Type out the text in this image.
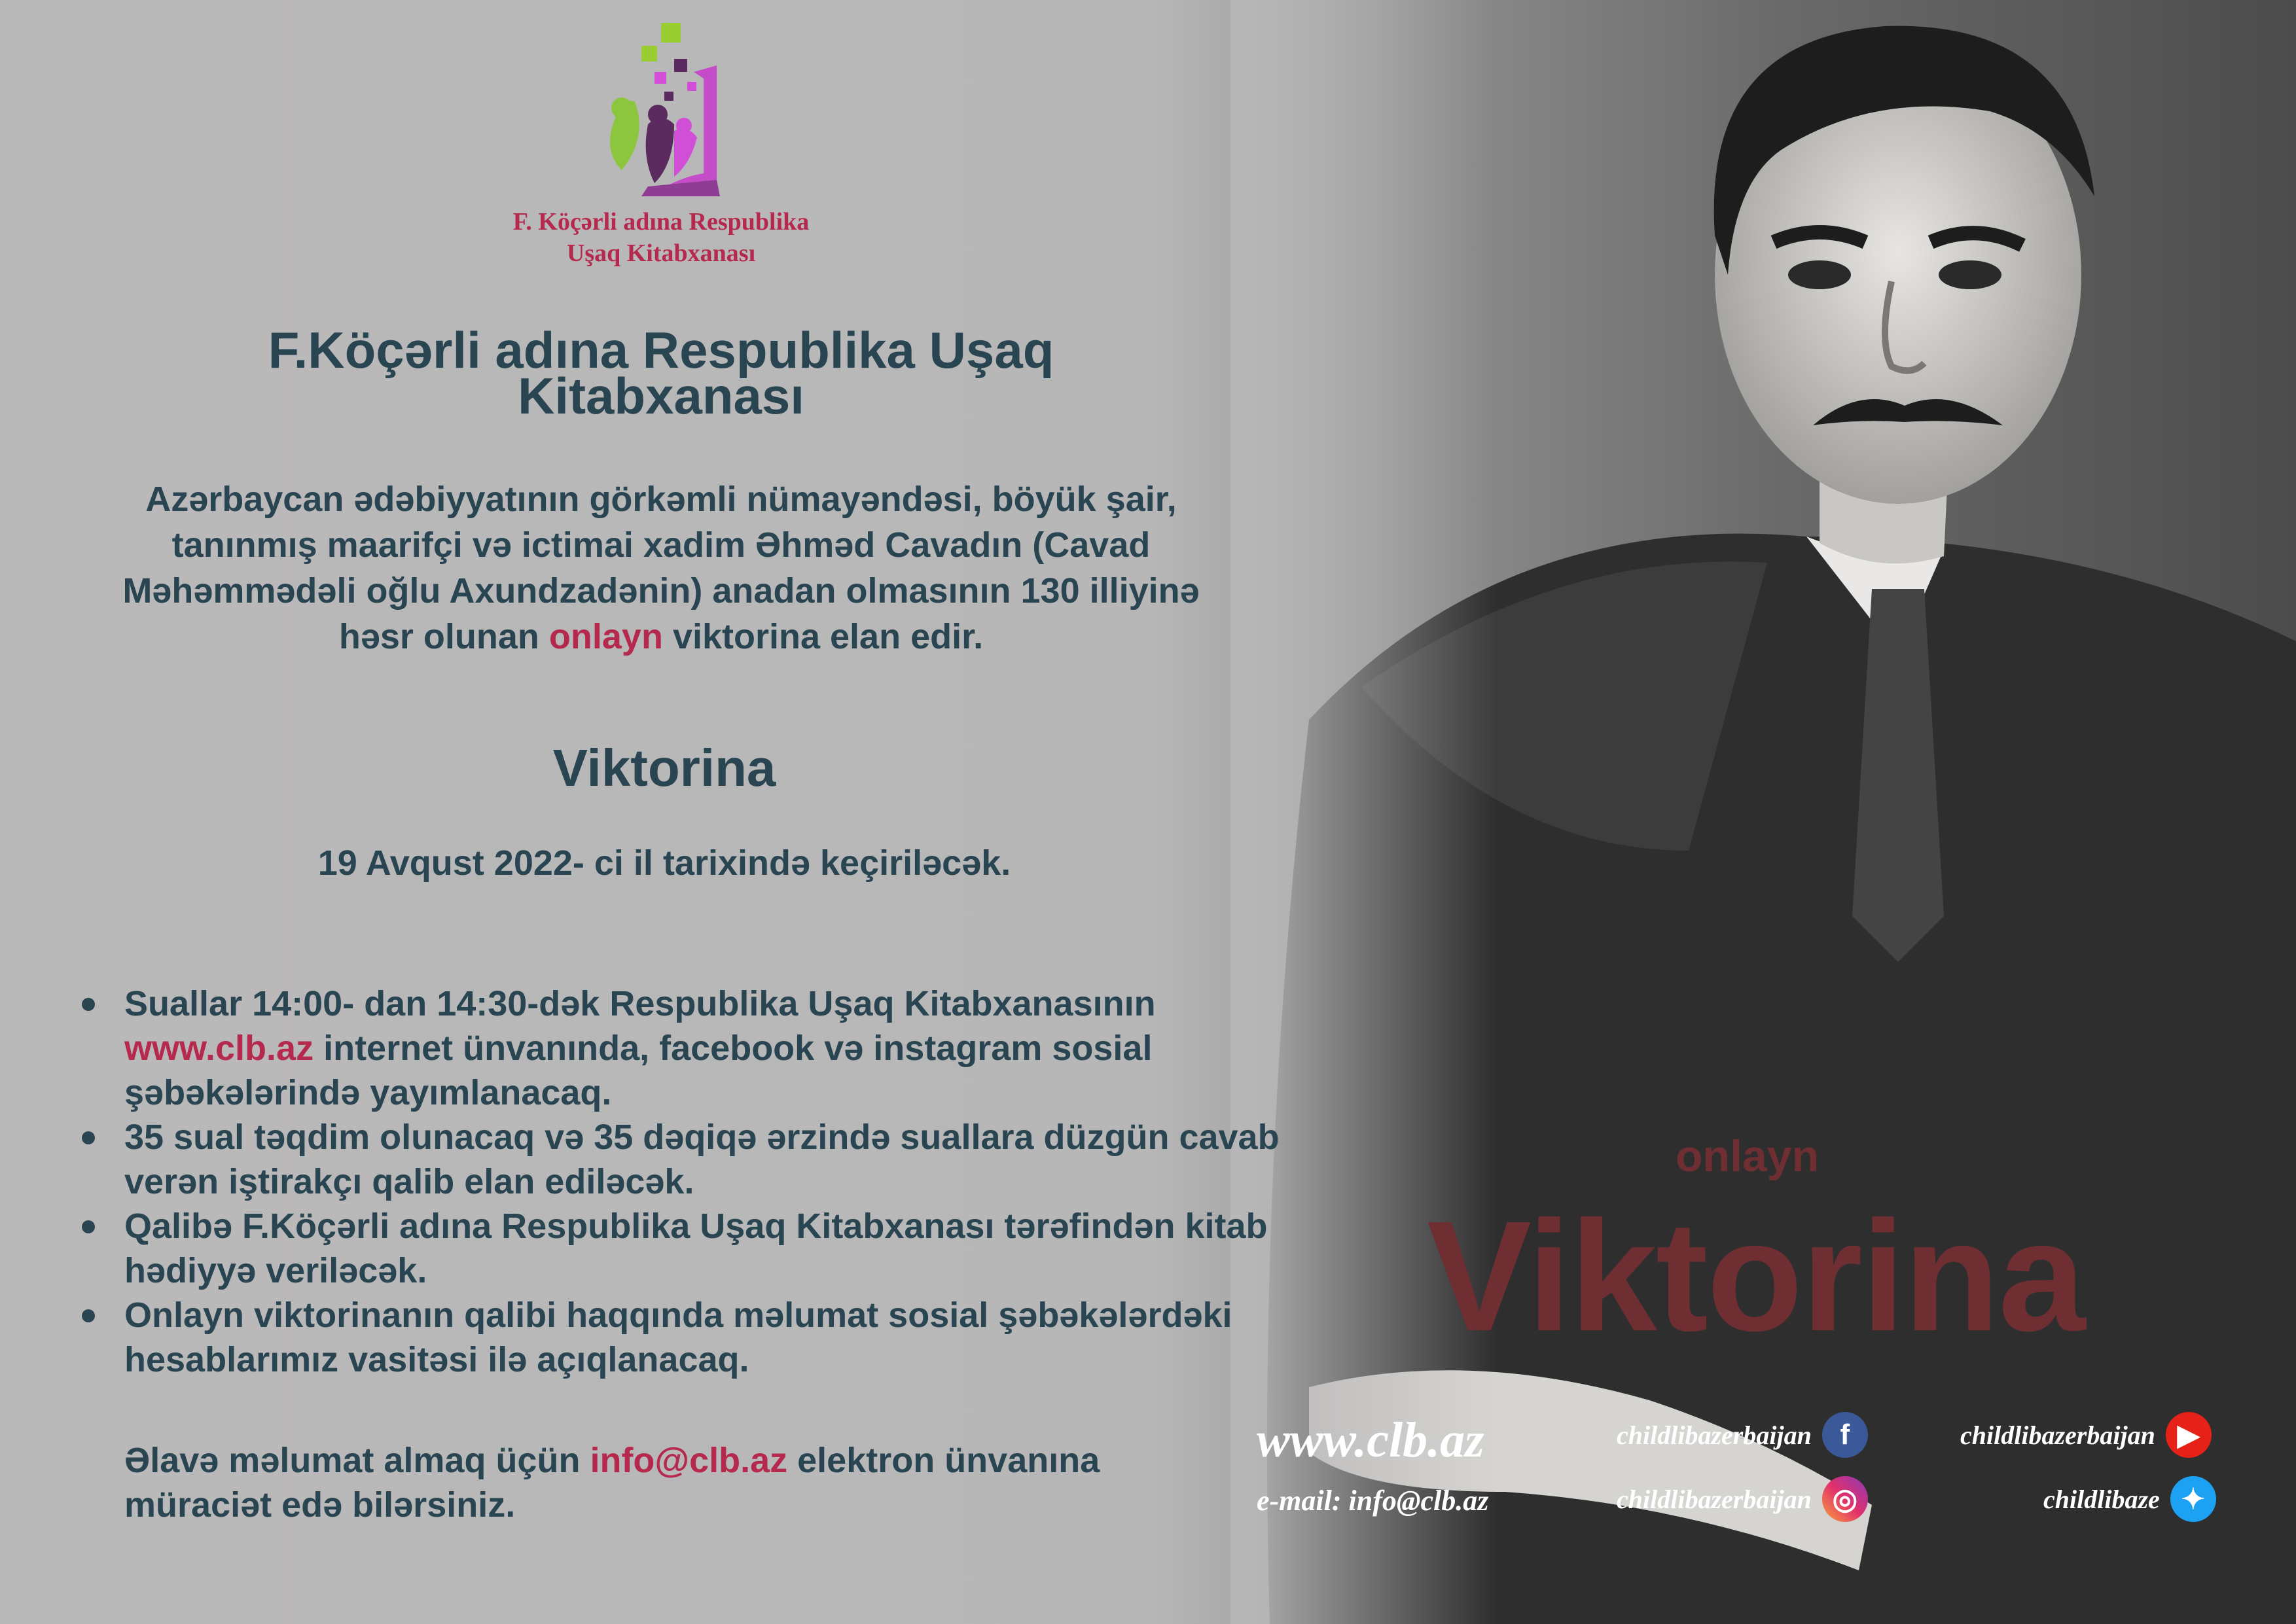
F. Köçərli adına Respublika
Uşaq Kitabxanası
F.Köçərli adına Respublika Uşaq
Kitabxanası
Azərbaycan ədəbiyyatının görkəmli nümayəndəsi, böyük şair,
tanınmış maarifçi və ictimai xadim Əhməd Cavadın (Cavad
Məhəmmədəli oğlu Axundzadənin) anadan olmasının 130 illiyinə
həsr olunan onlayn viktorina elan edir.
Viktorina
19 Avqust 2022- ci il tarixində keçiriləcək.
Suallar 14:00- dan 14:30-dək Respublika Uşaq Kitabxanasının
www.clb.az internet ünvanında, facebook və instagram sosial şəbəkələrində yayımlanacaq.
35 sual təqdim olunacaq və 35 dəqiqə ərzində suallara düzgün cavab verən iştirakçı qalib elan ediləcək.
Qalibə F.Köçərli adına Respublika Uşaq Kitabxanası tərəfindən kitab hədiyyə veriləcək.
Onlayn viktorinanın qalibi haqqında məlumat sosial şəbəkələrdəki hesablarımız vasitəsi ilə açıqlanacaq.
Əlavə məlumat almaq üçün info@clb.az elektron ünvanına müraciət edə bilərsiniz.
onlayn
Viktorina
www.clb.az
e-mail: info@clb.az
childlibazerbaijan f
childlibazerbaijan ◎
childlibazerbaijan ▶
childlibaze ✦
